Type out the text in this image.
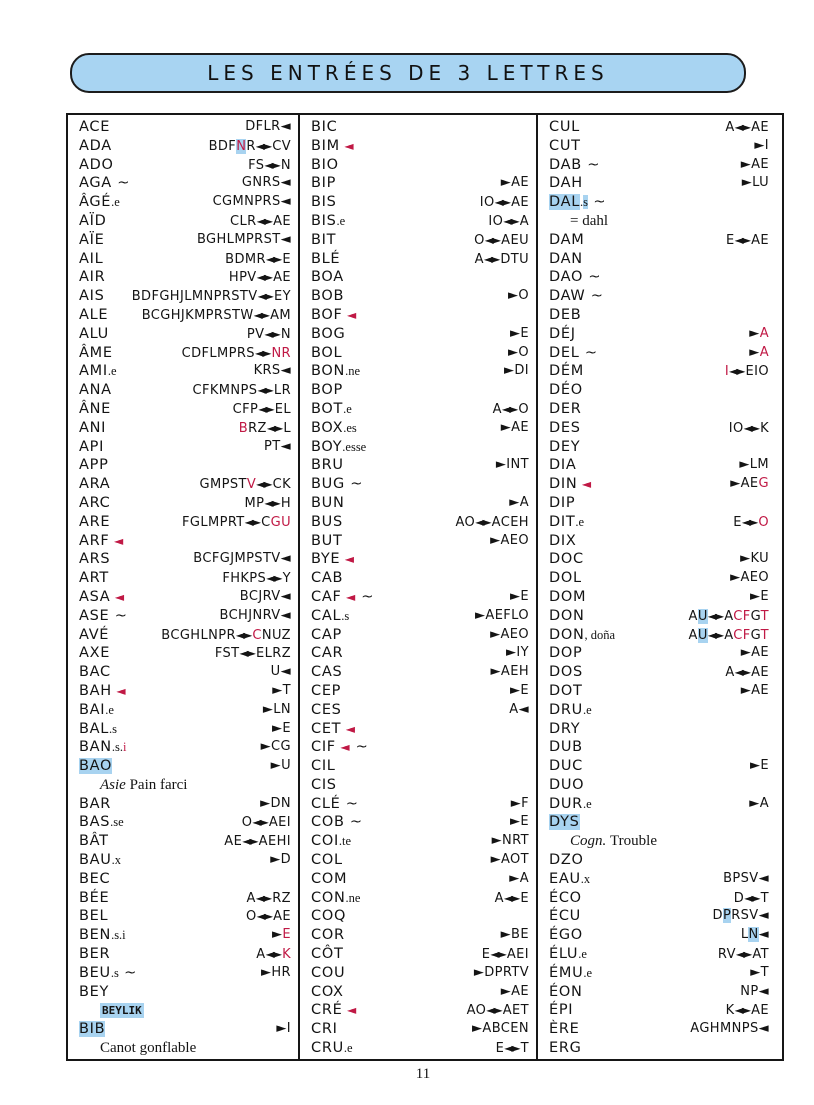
LES ENTRÉES DE 3 LETTRES
ACE	DFLR◄
ADA	BDFNR◄► CV
ADO	FS◄► N
AGA ~	GNRS◄
ÂGÉ.e	CGMNPRS◄
AÏD	CLR◄► AE
AÏE	BGHLMPRST◄
AIL	BDMR◄► E
AIR	HPV◄► AE
AIS BDFGHJLMNPRSTV◄► EY
ALE	BCGHJKMPRSTW◄► AM
ALU	PV◄► N
ÂME	CDFLMPRS◄► NR
AMI.e	KRS◄
ANA	CFKMNPS◄► LR
ÂNE	CFP◄► EL
ANI	BRZ◄► L
API	PT◄
APP
ARA	GMPSTV◄► CK
ARC	MP◄► H
ARE	FGLMPRT◄► CGU
ARF ◄
ARS	BCFGJMPSTV◄
ART	FHKPS◄► Y
ASA ◄	BCJRV◄
ASE ~	BCHJNRV◄
AVÉ	BCGHLNPR◄► CNUZ
AXE	FST◄► ELRZ
BAC	U◄
BAH ◄	►T
BAI.e	►LN
BAL.s	►E
BAN.s.i	►CG
BAO	►U
Asie Pain farci
BAR	►DN
BAS.se	O◄► AEI
BÂT	AE◄► AEHI
BAU.x	►D
BEC
BÉE	A◄► RZ
BEL	O◄► AE
BEN.s.i	►E
BER	A◄► K
BEU.s ~	►HR
BEY
BEYLIK
BIB	►I
Canot gonflable
BIC
BIM ◄
BIO
BIP	►AE
BIS	IO◄► AE
BIS.e	IO◄► A
BIT	O◄► AEU
BLÉ	A◄► DTU
BOA
BOB	►O
BOF ◄
BOG	►E
BOL	►O
BON.ne	►DI
BOP
BOT.e	A◄► O
BOX.es	►AE
BOY.esse
BRU	►INT
BUG ~
BUN	►A
BUS	AO◄► ACEH
BUT	►AEO
BYE ◄
CAB
CAF ◄ ~	►E
CAL.s	►AEFLO
CAP	►AEO
CAR	►IY
CAS	►AEH
CEP	►E
CES	A◄
CET ◄
CIF ◄ ~
CIL
CIS
CLÉ ~	►F
COB ~	►E
COI.te	►NRT
COL	►AOT
COM	►A
CON.ne	A◄► E
COQ
COR	►BE
CÔT	E◄► AEI
COU	►DPRTV
COX	►AE
CRÉ ◄	AO◄► AET
CRI	►ABCEN
CRU.e	E◄► T
CUL	A◄► AE
CUT	►I
DAB ~	►AE
DAH	►LU
DAL.s ~
= dahl
DAM	E◄► AE
DAN
DAO ~
DAW ~
DEB
DÉJ	►A
DEL ~	►A
DÉM	I◄► EIO
DÉO
DER
DES	IO◄► K
DEY
DIA	►LM
DIN ◄	►AEG
DIP
DIT.e	E◄► O
DIX
DOC	►KU
DOL	►AEO
DOM	►E
DON	AU◄► ACFGT
DON, doña	AU◄► ACFGT
DOP	►AE
DOS	A◄► AE
DOT	►AE
DRU.e
DRY
DUB
DUC	►E
DUO
DUR.e	►A
DYS
Cogn. Trouble
DZO
EAU.x	BPSV◄
ÉCO	D◄► T
ÉCU	DPRSV◄
ÉGO	LN◄
ÉLU.e	RV◄► AT
ÉMU.e	►T
ÉON	NP◄
ÉPI	K◄► AE
ÈRE	AGHMNPS◄
ERG
11
